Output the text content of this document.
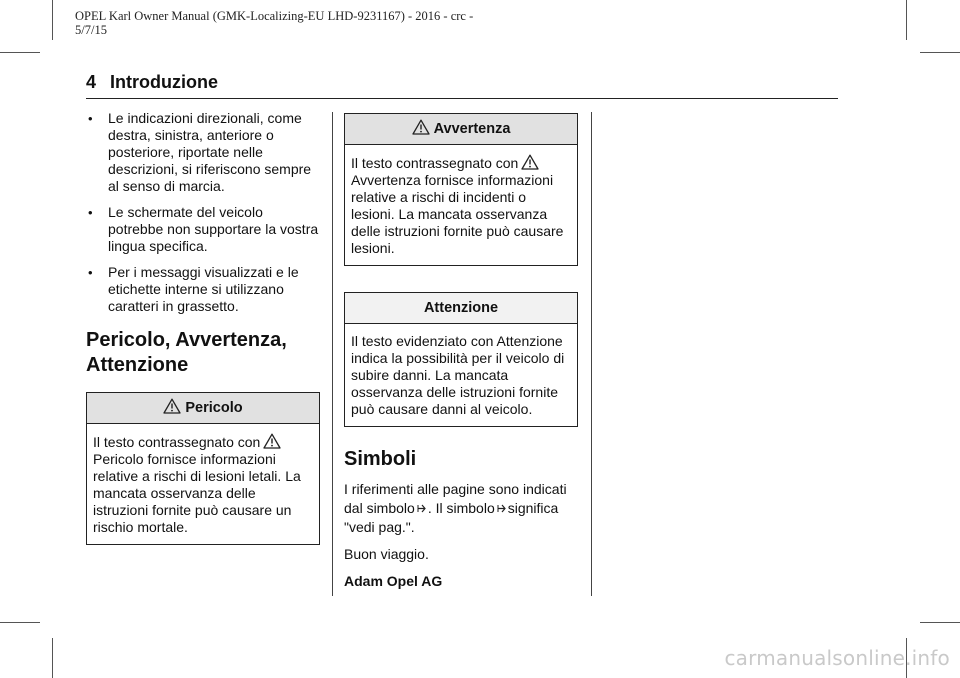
OPEL Karl Owner Manual (GMK-Localizing-EU LHD-9231167) - 2016 - crc -
5/7/15
4 Introduzione
• Le indicazioni direzionali, come destra, sinistra, anteriore o posteriore, riportate nelle descrizioni, si riferiscono sempre al senso di marcia.
• Le schermate del veicolo potrebbe non supportare la vostra lingua specifica.
• Per i messaggi visualizzati e le etichette interne si utilizzano caratteri in grassetto.
Pericolo, Avvertenza,
Attenzione
Pericolo
Il testo contrassegnato con
Pericolo fornisce informazioni relative a rischi di lesioni letali. La mancata osservanza delle istruzioni fornite può causare un rischio mortale.
Avvertenza
Il testo contrassegnato con
Avvertenza fornisce informazioni relative a rischi di incidenti o lesioni. La mancata osservanza delle istruzioni fornite può causare lesioni.
Attenzione
Il testo evidenziato con Attenzione indica la possibilità per il veicolo di subire danni. La mancata osservanza delle istruzioni fornite può causare danni al veicolo.
Simboli
I riferimenti alle pagine sono indicati dal simbolo . Il simbolo significa "vedi pag.".
Buon viaggio.
Adam Opel AG
carmanualsonline.info
